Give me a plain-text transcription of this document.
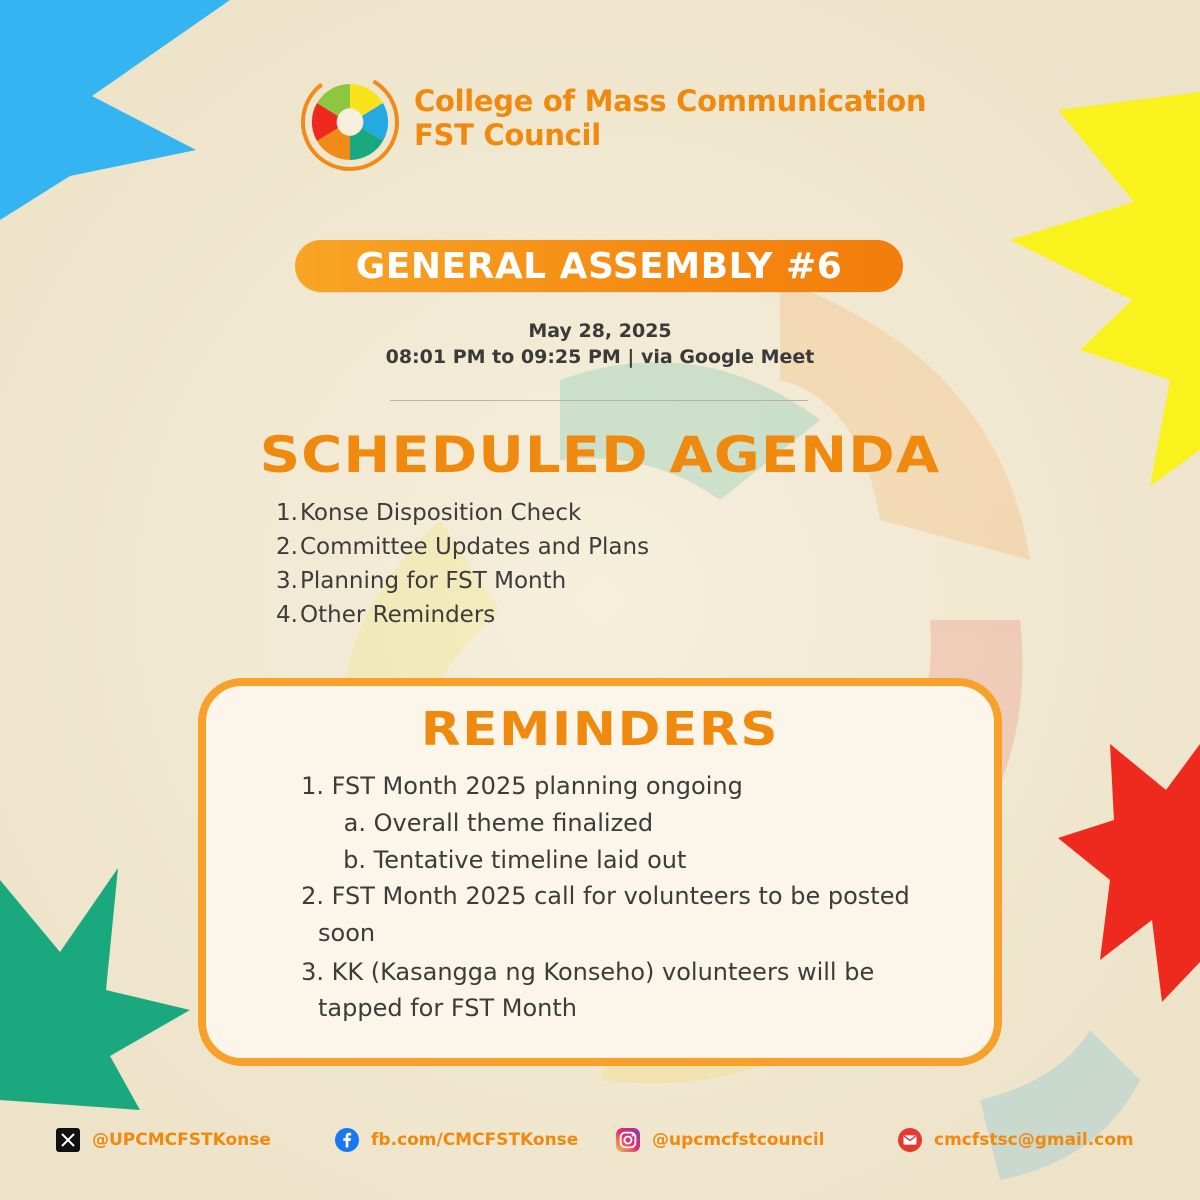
College of Mass Communication
FST Council
GENERAL ASSEMBLY #6
May 28, 2025
08:01 PM to 09:25 PM | via Google Meet
SCHEDULED AGENDA
1. Konse Disposition Check
2. Committee Updates and Plans
3. Planning for FST Month
4. Other Reminders
REMINDERS
1. FST Month 2025 planning ongoing
a. Overall theme finalized
b. Tentative timeline laid out
2. FST Month 2025 call for volunteers to be posted
soon
3. KK (Kasangga ng Konseho) volunteers will be
tapped for FST Month
@UPCMCFSTKonse	fb.com/CMCFSTKonse	@upcmcfstcouncil	cmcfstsc@gmail.com
